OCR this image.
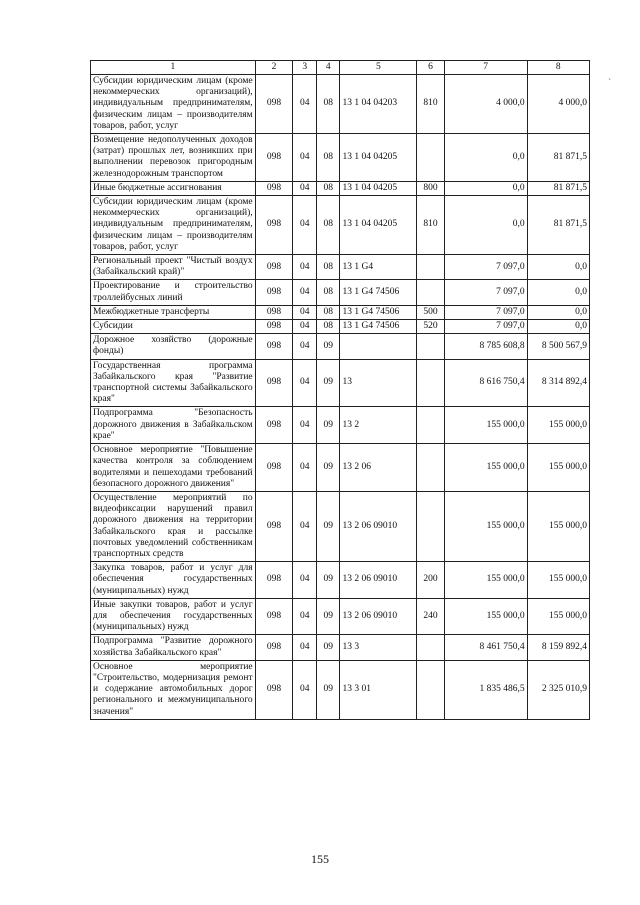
1	2	3	4	5	6	7	8
Субсидии юридическим лицам (кроме некоммерческих организаций), индивидуальным предпринимателям, физическим лицам – производителям товаров, работ, услуг	098	04	08	13 1 04 04203	810	4 000,0	4 000,0
Возмещение недополученных доходов (затрат) прошлых лет, возникших при выполнении перевозок пригородным железнодорожным транспортом	098	04	08	13 1 04 04205		0,0	81 871,5
Иные бюджетные ассигнования	098	04	08	13 1 04 04205	800	0,0	81 871,5
Субсидии юридическим лицам (кроме некоммерческих организаций), индивидуальным предпринимателям, физическим лицам – производителям товаров, работ, услуг	098	04	08	13 1 04 04205	810	0,0	81 871,5
Региональный проект "Чистый воздух (Забайкальский край)"	098	04	08	13 1 G4		7 097,0	0,0
Проектирование и строительство троллейбусных линий	098	04	08	13 1 G4 74506		7 097,0	0,0
Межбюджетные трансферты	098	04	08	13 1 G4 74506	500	7 097,0	0,0
Субсидии	098	04	08	13 1 G4 74506	520	7 097,0	0,0
Дорожное хозяйство (дорожные фонды)	098	04	09			8 785 608,8	8 500 567,9
Государственная программа Забайкальского края "Развитие транспортной системы Забайкальского края"	098	04	09	13		8 616 750,4	8 314 892,4
Подпрограмма "Безопасность дорожного движения в Забайкальском крае"	098	04	09	13 2		155 000,0	155 000,0
Основное мероприятие "Повышение качества контроля за соблюдением водителями и пешеходами требований безопасного дорожного движения"	098	04	09	13 2 06		155 000,0	155 000,0
Осуществление мероприятий по видеофиксации нарушений правил дорожного движения на территории Забайкальского края и рассылке почтовых уведомлений собственникам транспортных средств	098	04	09	13 2 06 09010		155 000,0	155 000,0
Закупка товаров, работ и услуг для обеспечения государственных (муниципальных) нужд	098	04	09	13 2 06 09010	200	155 000,0	155 000,0
Иные закупки товаров, работ и услуг для обеспечения государственных (муниципальных) нужд	098	04	09	13 2 06 09010	240	155 000,0	155 000,0
Подпрограмма "Развитие дорожного хозяйства Забайкальского края"	098	04	09	13 3		8 461 750,4	8 159 892,4
Основное мероприятие "Строительство, модернизация ремонт и содержание автомобильных дорог регионального и межмуниципального значения"	098	04	09	13 3 01		1 835 486,5	2 325 010,9
ˎ
155
